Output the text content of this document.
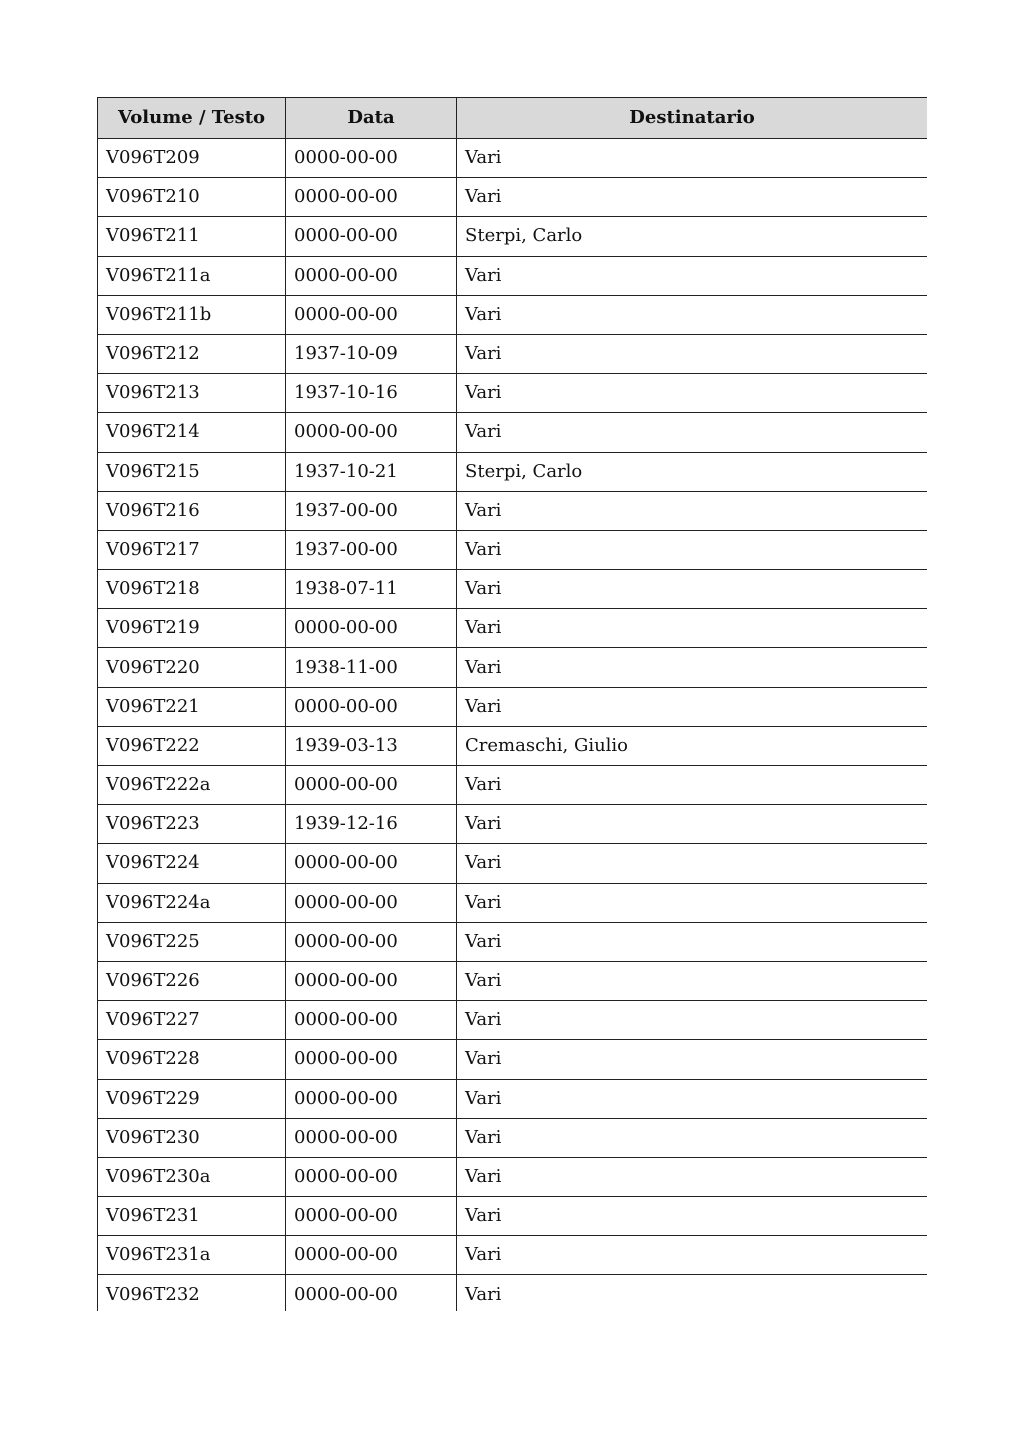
Volume / Testo	Data	Destinatario
V096T209	0000-00-00	Vari
V096T210	0000-00-00	Vari
V096T211	0000-00-00	Sterpi, Carlo
V096T211a	0000-00-00	Vari
V096T211b	0000-00-00	Vari
V096T212	1937-10-09	Vari
V096T213	1937-10-16	Vari
V096T214	0000-00-00	Vari
V096T215	1937-10-21	Sterpi, Carlo
V096T216	1937-00-00	Vari
V096T217	1937-00-00	Vari
V096T218	1938-07-11	Vari
V096T219	0000-00-00	Vari
V096T220	1938-11-00	Vari
V096T221	0000-00-00	Vari
V096T222	1939-03-13	Cremaschi, Giulio
V096T222a	0000-00-00	Vari
V096T223	1939-12-16	Vari
V096T224	0000-00-00	Vari
V096T224a	0000-00-00	Vari
V096T225	0000-00-00	Vari
V096T226	0000-00-00	Vari
V096T227	0000-00-00	Vari
V096T228	0000-00-00	Vari
V096T229	0000-00-00	Vari
V096T230	0000-00-00	Vari
V096T230a	0000-00-00	Vari
V096T231	0000-00-00	Vari
V096T231a	0000-00-00	Vari
V096T232	0000-00-00	Vari
